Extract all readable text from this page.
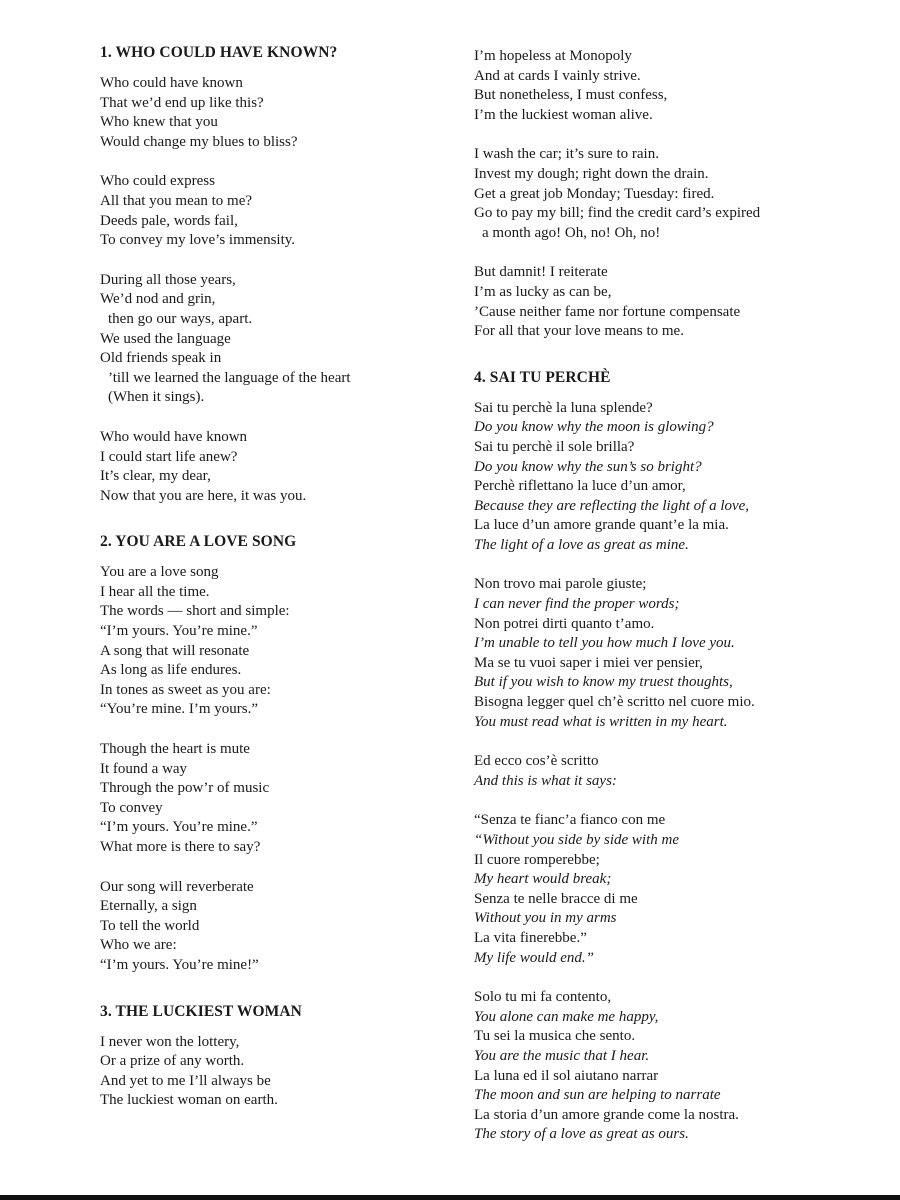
1. WHO COULD HAVE KNOWN?
Who could have known
That we’d end up like this?
Who knew that you
Would change my blues to bliss?
Who could express
All that you mean to me?
Deeds pale, words fail,
To convey my love’s immensity.
During all those years,
We’d nod and grin,
then go our ways, apart.
We used the language
Old friends speak in
’till we learned the language of the heart
(When it sings).
Who would have known
I could start life anew?
It’s clear, my dear,
Now that you are here, it was you.
2. YOU ARE A LOVE SONG
You are a love song
I hear all the time.
The words — short and simple:
“I’m yours. You’re mine.”
A song that will resonate
As long as life endures.
In tones as sweet as you are:
“You’re mine. I’m yours.”
Though the heart is mute
It found a way
Through the pow’r of music
To convey
“I’m yours. You’re mine.”
What more is there to say?
Our song will reverberate
Eternally, a sign
To tell the world
Who we are:
“I’m yours. You’re mine!”
3. THE LUCKIEST WOMAN
I never won the lottery,
Or a prize of any worth.
And yet to me I’ll always be
The luckiest woman on earth.
I’m hopeless at Monopoly
And at cards I vainly strive.
But nonetheless, I must confess,
I’m the luckiest woman alive.
I wash the car; it’s sure to rain.
Invest my dough; right down the drain.
Get a great job Monday; Tuesday: fired.
Go to pay my bill; find the credit card’s expired
a month ago! Oh, no! Oh, no!
But damnit! I reiterate
I’m as lucky as can be,
’Cause neither fame nor fortune compensate
For all that your love means to me.
4. SAI TU PERCHÈ
Sai tu perchè la luna splende?
Do you know why the moon is glowing?
Sai tu perchè il sole brilla?
Do you know why the sun’s so bright?
Perchè riflettano la luce d’un amor,
Because they are reflecting the light of a love,
La luce d’un amore grande quant’e la mia.
The light of a love as great as mine.
Non trovo mai parole giuste;
I can never find the proper words;
Non potrei dirti quanto t’amo.
I’m unable to tell you how much I love you.
Ma se tu vuoi saper i miei ver pensier,
But if you wish to know my truest thoughts,
Bisogna legger quel ch’è scritto nel cuore mio.
You must read what is written in my heart.
Ed ecco cos’è scritto
And this is what it says:
“Senza te fianc’a fianco con me
“Without you side by side with me
Il cuore romperebbe;
My heart would break;
Senza te nelle bracce di me
Without you in my arms
La vita finerebbe.”
My life would end.”
Solo tu mi fa contento,
You alone can make me happy,
Tu sei la musica che sento.
You are the music that I hear.
La luna ed il sol aiutano narrar
The moon and sun are helping to narrate
La storia d’un amore grande come la nostra.
The story of a love as great as ours.
